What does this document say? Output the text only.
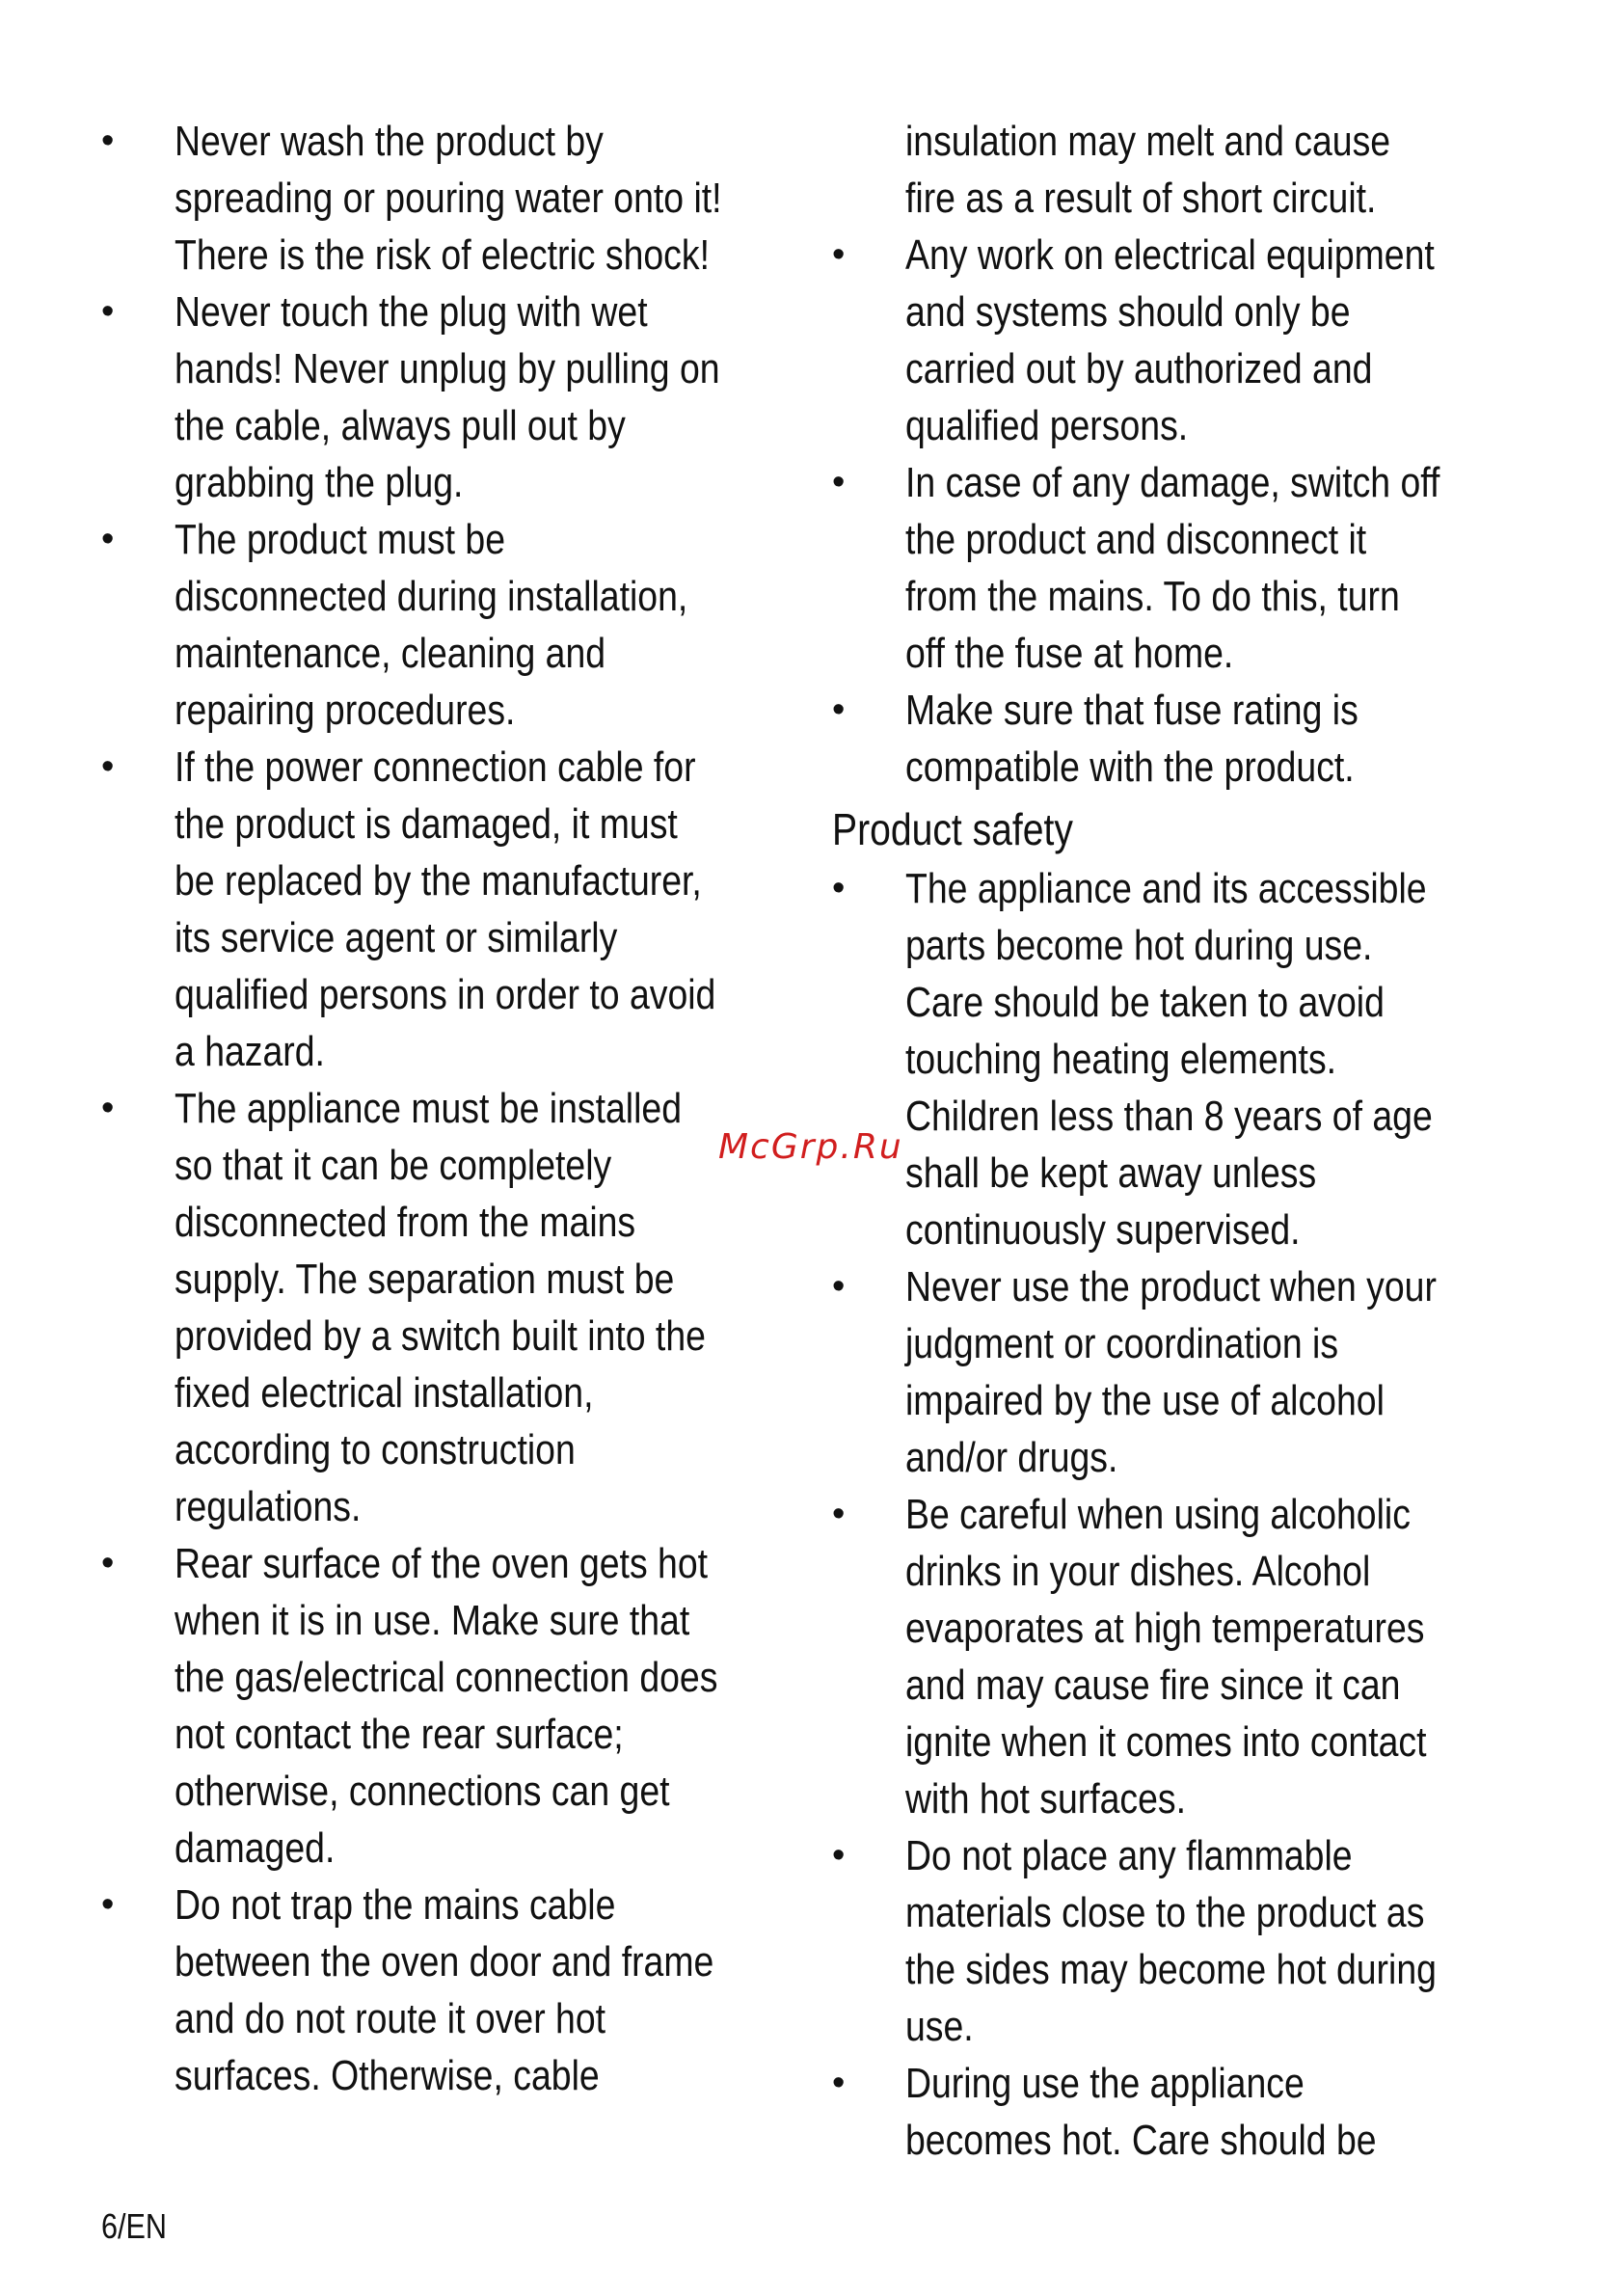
• Never wash the product by
spreading or pouring water onto it!
There is the risk of electric shock!
• Never touch the plug with wet
hands! Never unplug by pulling on
the cable, always pull out by
grabbing the plug.
• The product must be
disconnected during installation,
maintenance, cleaning and
repairing procedures.
• If the power connection cable for
the product is damaged, it must
be replaced by the manufacturer,
its service agent or similarly
qualified persons in order to avoid
a hazard.
• The appliance must be installed
so that it can be completely
disconnected from the mains
supply. The separation must be
provided by a switch built into the
fixed electrical installation,
according to construction
regulations.
• Rear surface of the oven gets hot
when it is in use. Make sure that
the gas/electrical connection does
not contact the rear surface;
otherwise, connections can get
damaged.
• Do not trap the mains cable
between the oven door and frame
and do not route it over hot
surfaces. Otherwise, cable
insulation may melt and cause
fire as a result of short circuit.
• Any work on electrical equipment
and systems should only be
carried out by authorized and
qualified persons.
• In case of any damage, switch off
the product and disconnect it
from the mains. To do this, turn
off the fuse at home.
• Make sure that fuse rating is
compatible with the product.
Product safety
• The appliance and its accessible
parts become hot during use.
Care should be taken to avoid
touching heating elements.
Children less than 8 years of age
shall be kept away unless
continuously supervised.
• Never use the product when your
judgment or coordination is
impaired by the use of alcohol
and/or drugs.
• Be careful when using alcoholic
drinks in your dishes. Alcohol
evaporates at high temperatures
and may cause fire since it can
ignite when it comes into contact
with hot surfaces.
• Do not place any flammable
materials close to the product as
the sides may become hot during
use.
• During use the appliance
becomes hot. Care should be
McGrp.Ru
6/EN
